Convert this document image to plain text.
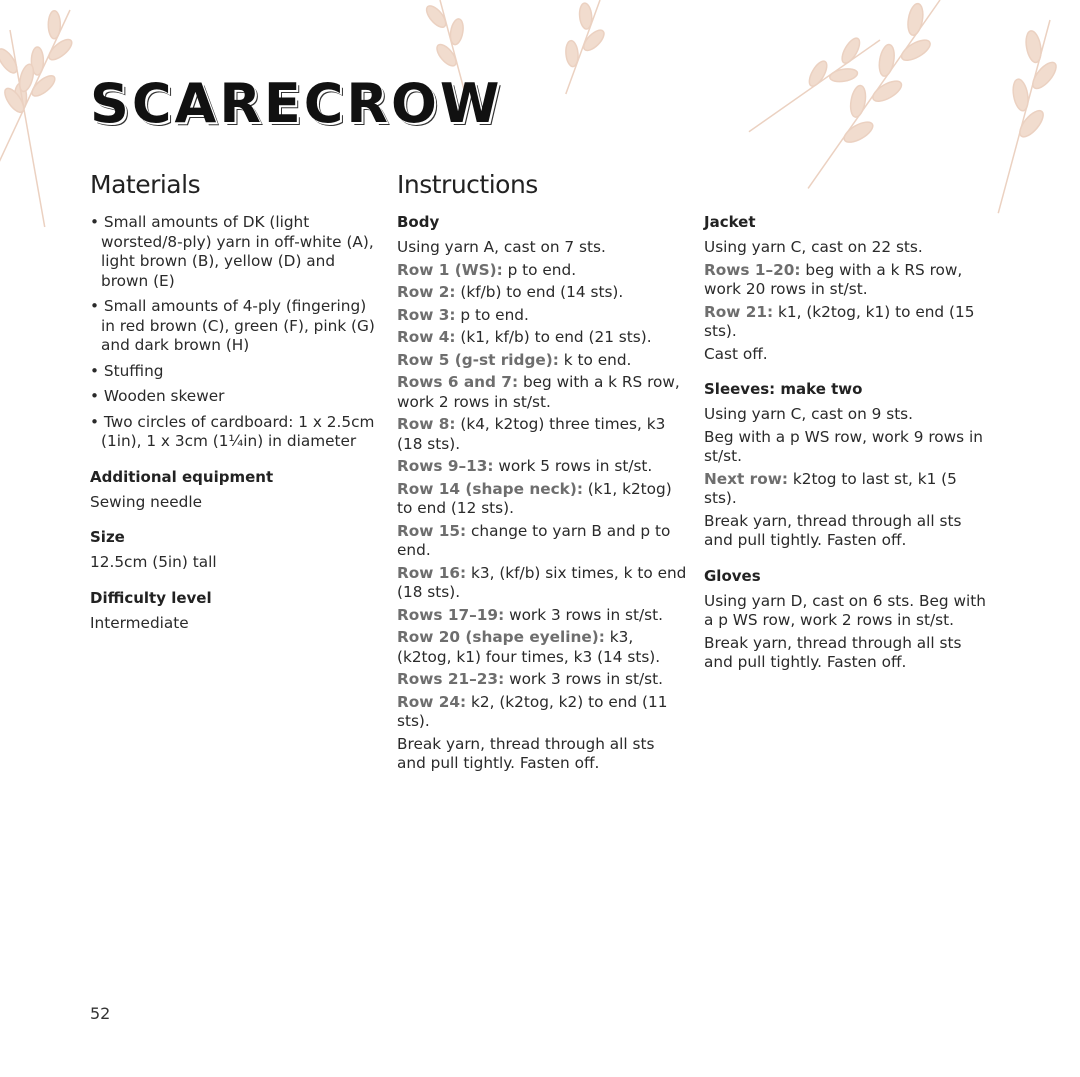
SCARECROW
Materials
• Small amounts of DK (light worsted/8-ply) yarn in off-white (A), light brown (B), yellow (D) and brown (E)
• Small amounts of 4-ply (fingering) in red brown (C), green (F), pink (G) and dark brown (H)
• Stuffing
• Wooden skewer
• Two circles of cardboard: 1 x 2.5cm (1in), 1 x 3cm (1¼in) in diameter
Additional equipment
Sewing needle
Size
12.5cm (5in) tall
Difficulty level
Intermediate
Instructions
Body
Using yarn A, cast on 7 sts.
Row 1 (WS): p to end.
Row 2: (kf/b) to end (14 sts).
Row 3: p to end.
Row 4: (k1, kf/b) to end (21 sts).
Row 5 (g-st ridge): k to end.
Rows 6 and 7: beg with a k RS row, work 2 rows in st/st.
Row 8: (k4, k2tog) three times, k3 (18 sts).
Rows 9–13: work 5 rows in st/st.
Row 14 (shape neck): (k1, k2tog) to end (12 sts).
Row 15: change to yarn B and p to end.
Row 16: k3, (kf/b) six times, k to end (18 sts).
Rows 17–19: work 3 rows in st/st.
Row 20 (shape eyeline): k3, (k2tog, k1) four times, k3 (14 sts).
Rows 21–23: work 3 rows in st/st.
Row 24: k2, (k2tog, k2) to end (11 sts).
Break yarn, thread through all sts and pull tightly. Fasten off.
Jacket
Using yarn C, cast on 22 sts.
Rows 1–20: beg with a k RS row, work 20 rows in st/st.
Row 21: k1, (k2tog, k1) to end (15 sts).
Cast off.
Sleeves: make two
Using yarn C, cast on 9 sts.
Beg with a p WS row, work 9 rows in st/st.
Next row: k2tog to last st, k1 (5 sts).
Break yarn, thread through all sts and pull tightly. Fasten off.
Gloves
Using yarn D, cast on 6 sts. Beg with a p WS row, work 2 rows in st/st.
Break yarn, thread through all sts and pull tightly. Fasten off.
52
